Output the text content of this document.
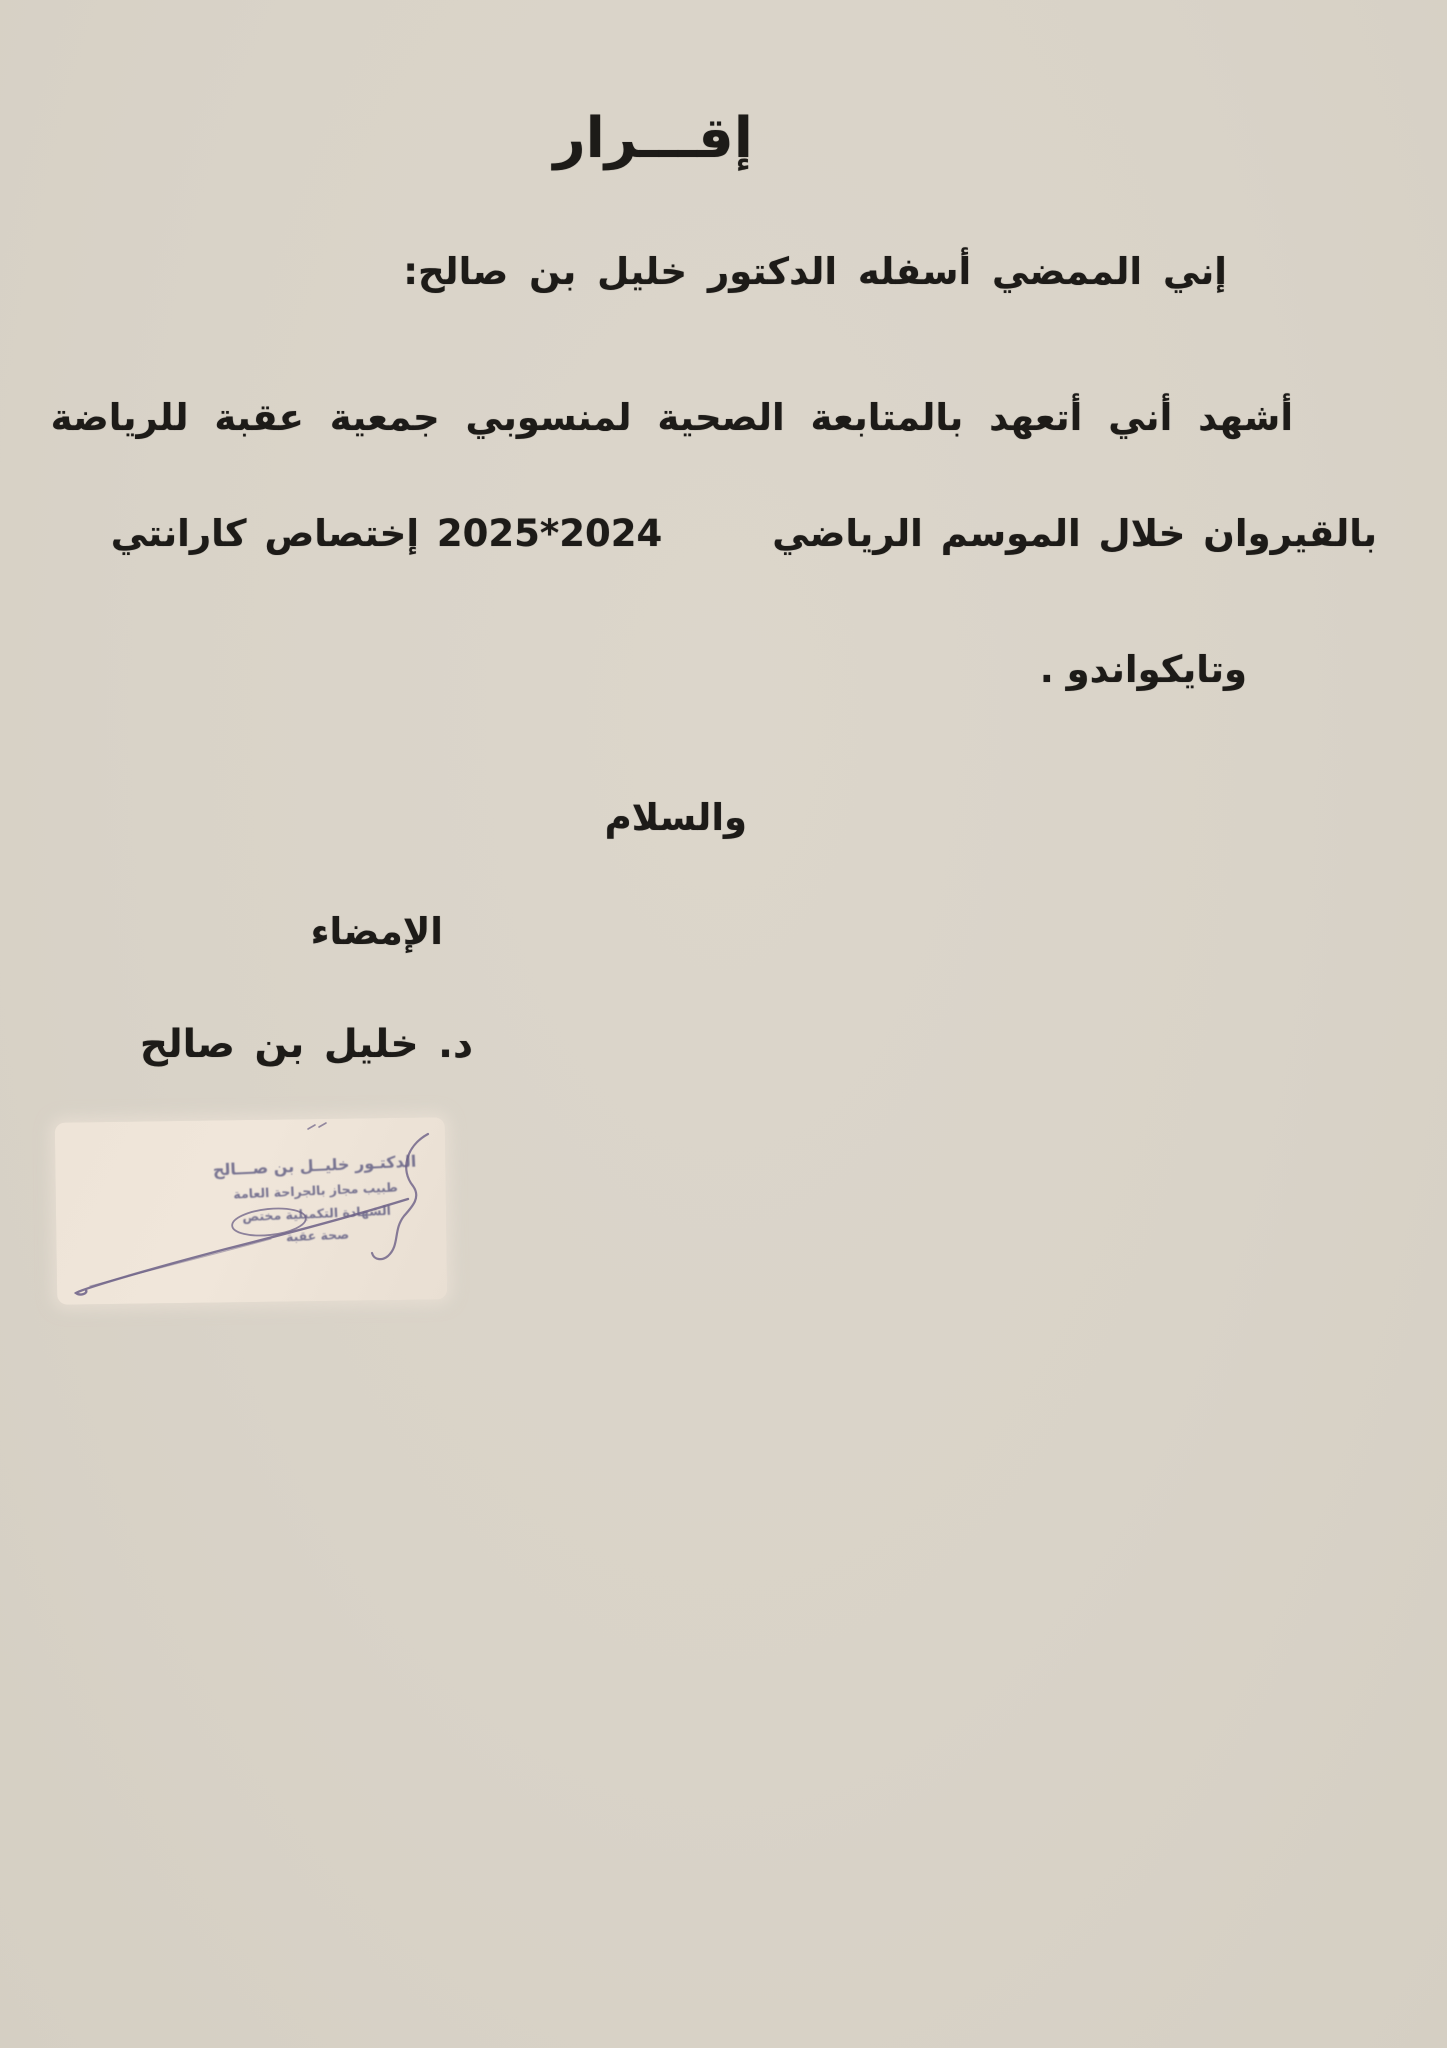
إقـــرار
إني الممضي أسفله الدكتور خليل بن صالح:
أشهد أني أتعهد بالمتابعة الصحية لمنسوبي جمعية عقبة للرياضة
بالقيروان خلال الموسم الرياضي2024*2025 إختصاص كارانتي
وتايكواندو .
والسلام
الإمضاء
د. خليل بن صالح
الدكتـور خليــل بن صـــالح
طبيب مجاز بالجراحة العامة
الشهادة التكميلية مختص
صحة عقبة
